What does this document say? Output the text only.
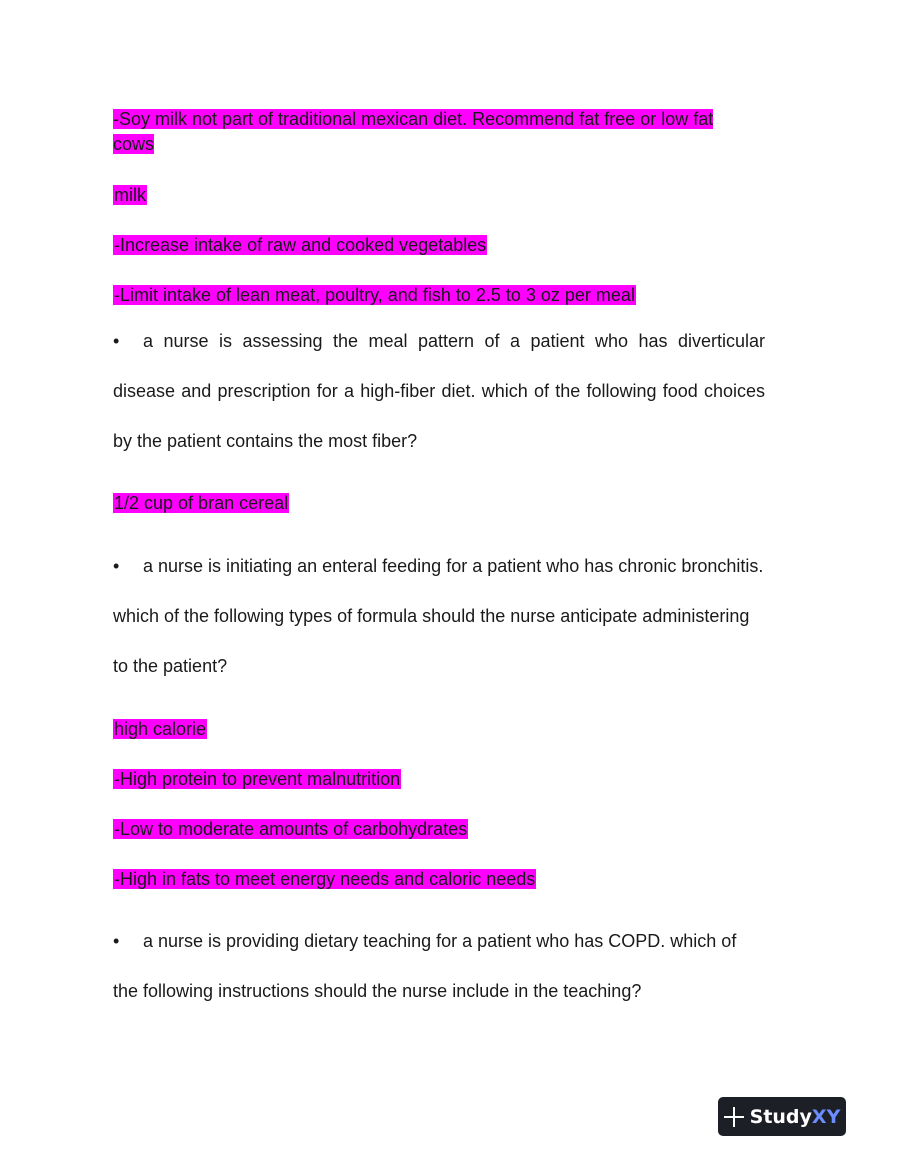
-Soy milk not part of traditional mexican diet. Recommend fat free or low fat
cows
milk
-Increase intake of raw and cooked vegetables
-Limit intake of lean meat, poultry, and fish to 2.5 to 3 oz per meal
• a nurse is assessing the meal pattern of a patient who has diverticular disease and prescription for a high-fiber diet. which of the following food choices by the patient contains the most fiber?
1/2 cup of bran cereal
• a nurse is initiating an enteral feeding for a patient who has chronic bronchitis. which of the following types of formula should the nurse anticipate administering to the patient?
high calorie
-High protein to prevent malnutrition
-Low to moderate amounts of carbohydrates
-High in fats to meet energy needs and caloric needs
• a nurse is providing dietary teaching for a patient who has COPD. which of the following instructions should the nurse include in the teaching?
StudyXY
